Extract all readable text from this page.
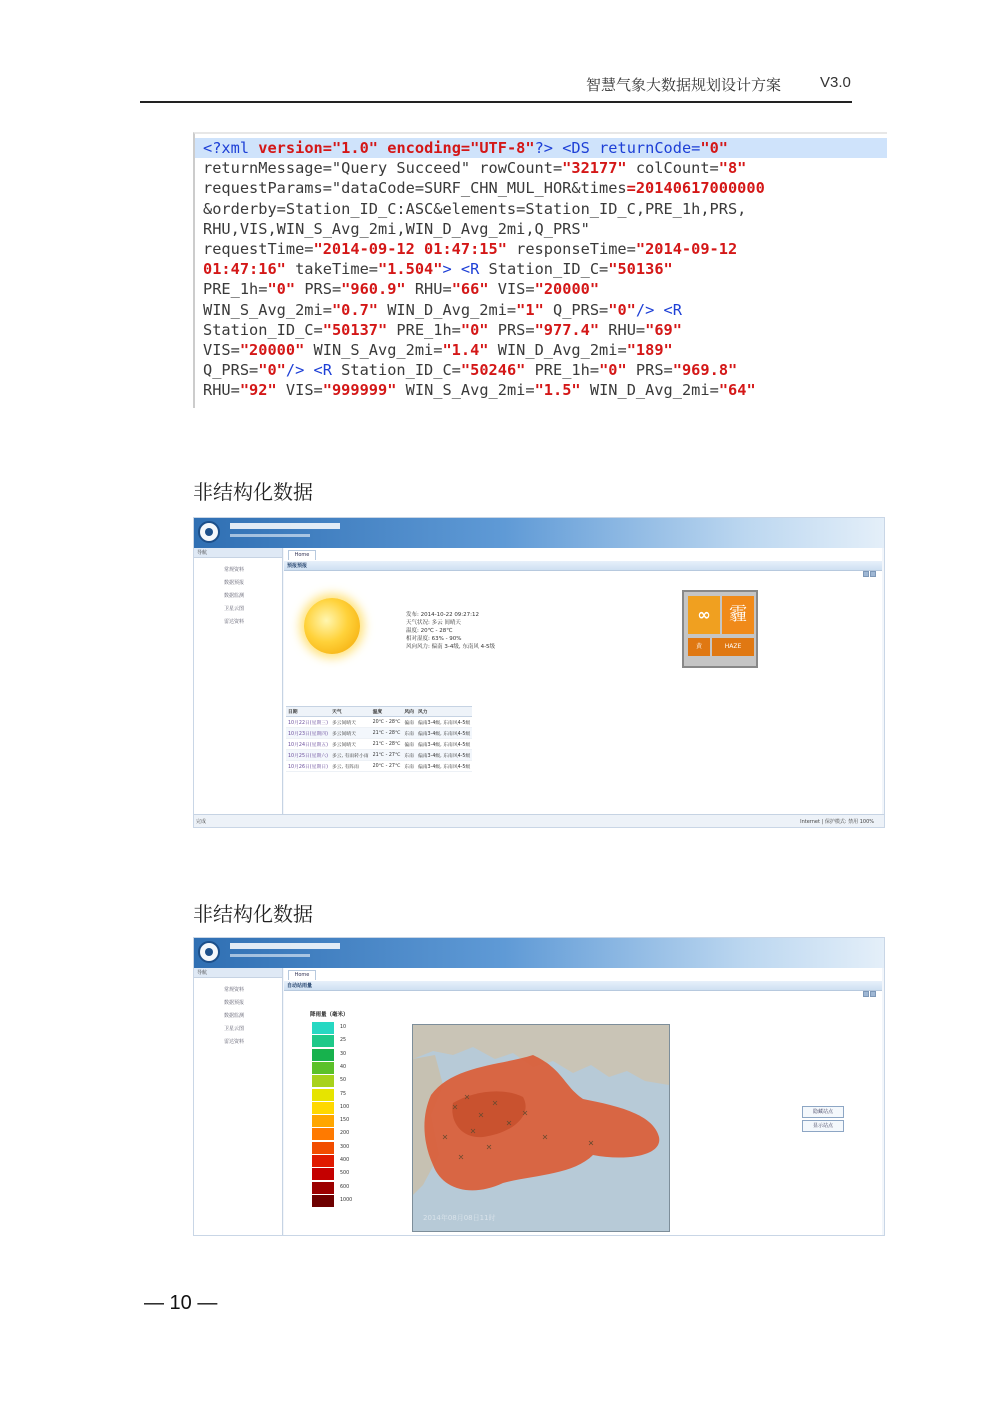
智慧气象大数据规划设计方案	V3.0
<?xml version="1.0" encoding="UTF-8"?> <DS returnCode="0"
returnMessage="Query Succeed" rowCount="32177" colCount="8"
requestParams="dataCode=SURF_CHN_MUL_HOR&times=20140617000000
&orderby=Station_ID_C:ASC&elements=Station_ID_C,PRE_1h,PRS,
RHU,VIS,WIN_S_Avg_2mi,WIN_D_Avg_2mi,Q_PRS"
requestTime="2014-09-12 01:47:15" responseTime="2014-09-12
01:47:16" takeTime="1.504"> <R Station_ID_C="50136"
PRE_1h="0" PRS="960.9" RHU="66" VIS="20000"
WIN_S_Avg_2mi="0.7" WIN_D_Avg_2mi="1" Q_PRS="0"/> <R
Station_ID_C="50137" PRE_1h="0" PRS="977.4" RHU="69"
VIS="20000" WIN_S_Avg_2mi="1.4" WIN_D_Avg_2mi="189"
Q_PRS="0"/> <R Station_ID_C="50246" PRE_1h="0" PRS="969.8"
RHU="92" VIS="999999" WIN_S_Avg_2mi="1.5" WIN_D_Avg_2mi="64"

非结构化数据
导航
常规资料
数据预报
数据监测
卫星云图
雷达资料
Home
预报预报
发布: 2014-10-22 09:27:12
天气状况: 多云 间晴天
温度: 20℃ - 28℃
相对湿度: 63% - 90%
风向风力: 偏南 3-4级, 东南风 4-5级
∞	霾
黄	HAZE
日期	天气	温度	风向	风力
10月22日(星期三)	多云间晴天	20℃ - 28℃	偏南	偏南3-4级, 东南风4-5级
10月23日(星期四)	多云间晴天	21℃ - 28℃	东南	偏南3-4级, 东南风4-5级
10月24日(星期五)	多云间晴天	21℃ - 28℃	偏南	偏南3-4级, 东南风4-5级
10月25日(星期六)	多云, 有雨转小雨	21℃ - 27℃	东南	偏南3-4级, 东南风4-5级
10月26日(星期日)	多云, 有阵雨	20℃ - 27℃	东南	偏南3-4级, 东南风4-5级
完成	Internet | 保护模式: 禁用 100%
非结构化数据
导航
常规资料
数据预报
数据监测
卫星云图
雷达资料
Home
自动站雨量
降雨量（毫米）
10
25
30
40
50
75
100
150
200
300
400
500
600
1000
2014年08月08日11时
隐藏站点
显示站点
— 10 —
